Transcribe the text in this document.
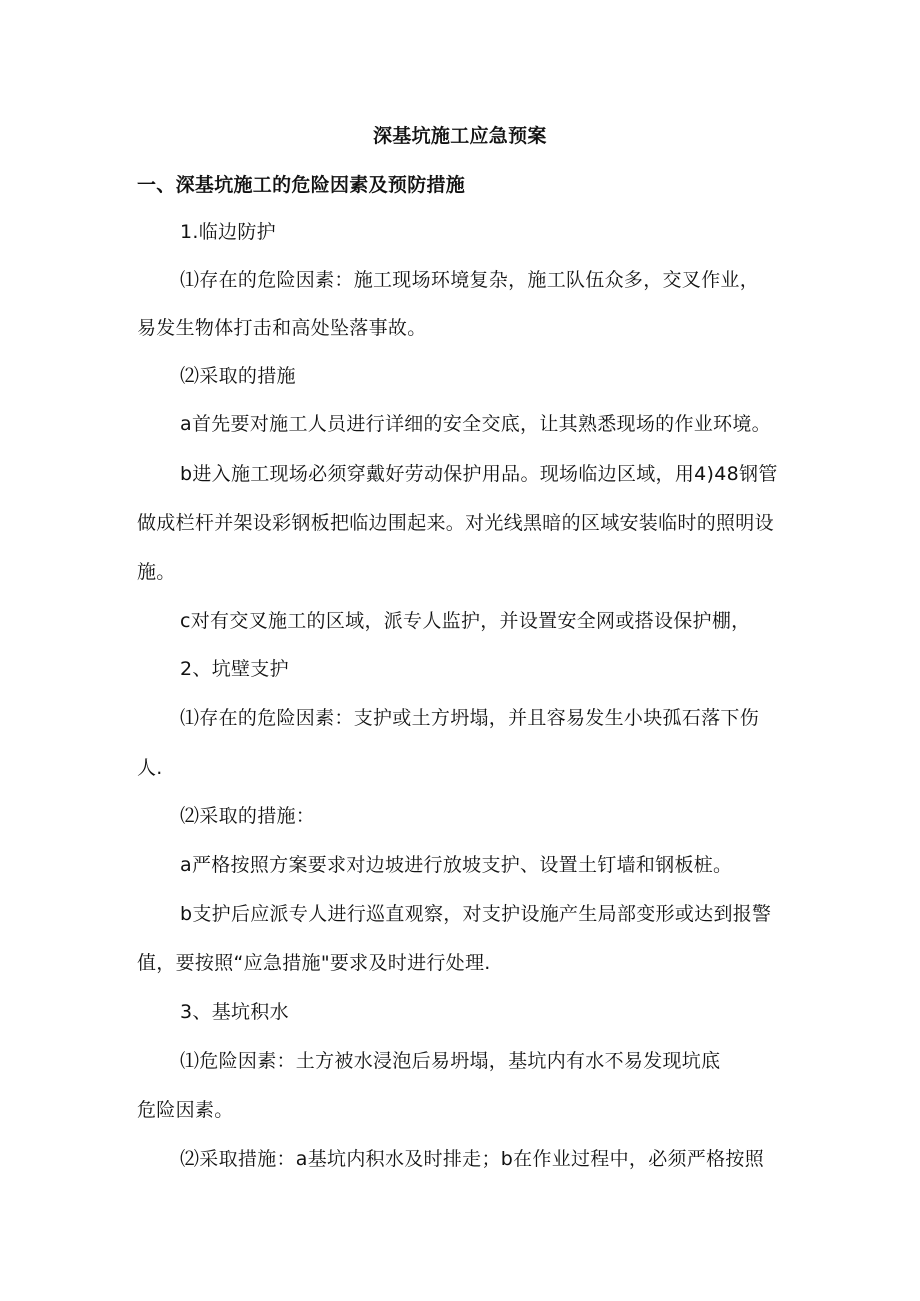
深基坑施工应急预案
一、深基坑施工的危险因素及预防措施
1.临边防护
⑴存在的危险因素：施工现场环境复杂，施工队伍众多，交叉作业，
易发生物体打击和高处坠落事故。
⑵采取的措施
a首先要对施工人员进行详细的安全交底，让其熟悉现场的作业环境。
b进入施工现场必须穿戴好劳动保护用品。现场临边区域，用4)48钢管
做成栏杆并架设彩钢板把临边围起来。对光线黑暗的区域安装临时的照明设
施。
c对有交叉施工的区域，派专人监护，并设置安全网或搭设保护棚，
2、坑壁支护
⑴存在的危险因素：支护或土方坍塌，并且容易发生小块孤石落下伤
人.
⑵采取的措施：
a严格按照方案要求对边坡进行放坡支护、设置土钉墙和钢板桩。
b支护后应派专人进行巡直观察，对支护设施产生局部变形或达到报警
值，要按照“应急措施"要求及时进行处理.
3、基坑积水
⑴危险因素：土方被水浸泡后易坍塌，基坑内有水不易发现坑底
危险因素。
⑵采取措施：a基坑内积水及时排走；b在作业过程中，必须严格按照
